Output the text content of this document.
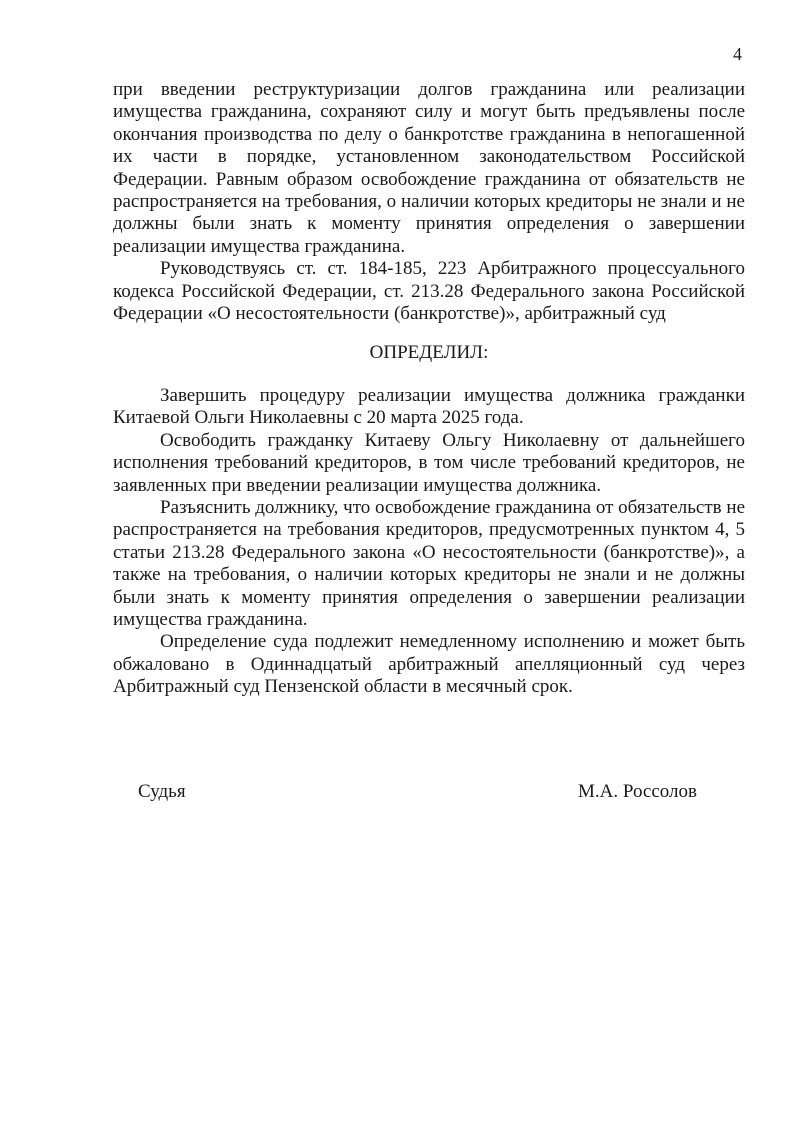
4

при введении реструктуризации долгов гражданина или реализации имущества гражданина, сохраняют силу и могут быть предъявлены после окончания производства по делу о банкротстве гражданина в непогашенной их части в порядке, установленном законодательством Российской Федерации. Равным образом освобождение гражданина от обязательств не распространяется на требования, о наличии которых кредиторы не знали и не должны были знать к моменту принятия определения о завершении реализации имущества гражданина.

Руководствуясь ст. ст. 184-185, 223 Арбитражного процессуального кодекса Российской Федерации, ст. 213.28 Федерального закона Российской Федерации «О несостоятельности (банкротстве)», арбитражный суд

ОПРЕДЕЛИЛ:

Завершить процедуру реализации имущества должника гражданки Китаевой Ольги Николаевны с 20 марта 2025 года.

Освободить гражданку Китаеву Ольгу Николаевну от дальнейшего исполнения требований кредиторов, в том числе требований кредиторов, не заявленных при введении реализации имущества должника.

Разъяснить должнику, что освобождение гражданина от обязательств не распространяется на требования кредиторов, предусмотренных пунктом 4, 5 статьи 213.28 Федерального закона «О несостоятельности (банкротстве)», а также на требования, о наличии которых кредиторы не знали и не должны были знать к моменту принятия определения о завершении реализации имущества гражданина.

Определение суда подлежит немедленному исполнению и может быть обжаловано в Одиннадцатый арбитражный апелляционный суд через Арбитражный суд Пензенской области в месячный срок.

Судья	М.А. Россолов
